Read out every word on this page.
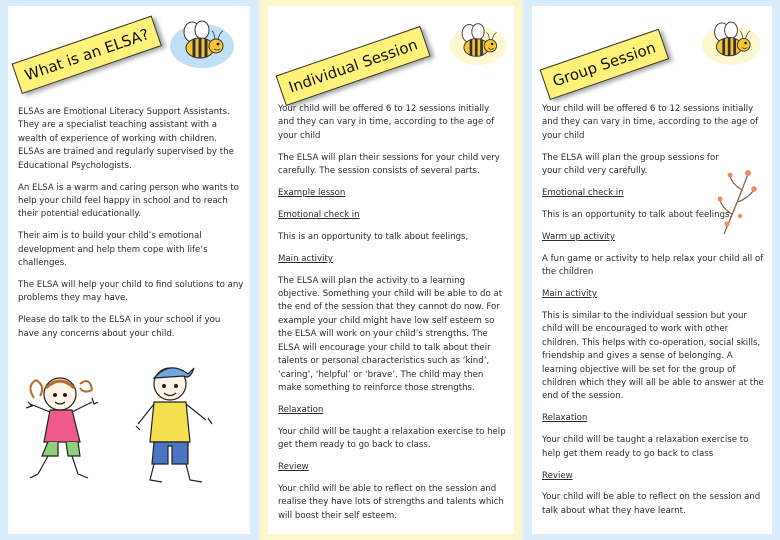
What is an ELSA?

ELSAs are Emotional Literacy Support Assistants. They are a specialist teaching assistant with a wealth of experience of working with children. ELSAs are trained and regularly supervised by the Educational Psychologists.

An ELSA is a warm and caring person who wants to help your child feel happy in school and to reach their potential educationally.

Their aim is to build your child’s emotional development and help them cope with life’s challenges.

The ELSA will help your child to find solutions to any problems they may have.

Please do talk to the ELSA in your school if you have any concerns about your child.

Individual Session

Your child will be offered 6 to 12 sessions initially and they can vary in time, according to the age of your child

The ELSA will plan their sessions for your child very carefully. The session consists of several parts.

Example lesson
Emotional check in

This is an opportunity to talk about feelings,

Main activity

The ELSA will plan the activity to a learning objective. Something your child will be able to do at the end of the session that they cannot do now. For example your child might have low self esteem so the ELSA will work on your child’s strengths. The ELSA will encourage your child to talk about their talents or personal characteristics such as ‘kind’, ‘caring’, ‘helpful’ or ‘brave’. The child may then make something to reinforce those strengths.

Relaxation

Your child will be taught a relaxation exercise to help get them ready to go back to class.

Review

Your child will be able to reflect on the session and realise they have lots of strengths and talents which will boost their self esteem.

Group Session

Your child will be offered 6 to 12 sessions initially and they can vary in time, according to the age of your child

The ELSA will plan the group sessions for your child very carefully.

Emotional check in

This is an opportunity to talk about feelings,

Warm up activity

A fun game or activity to help relax your child all of the children

Main activity

This is similar to the individual session but your child will be encouraged to work with other children. This helps with co-operation, social skills, friendship and gives a sense of belonging. A learning objective will be set for the group of children which they will all be able to answer at the end of the session.

Relaxation

Your child will be taught a relaxation exercise to help get them ready to go back to class

Review

Your child will be able to reflect on the session and talk about what they have learnt.
